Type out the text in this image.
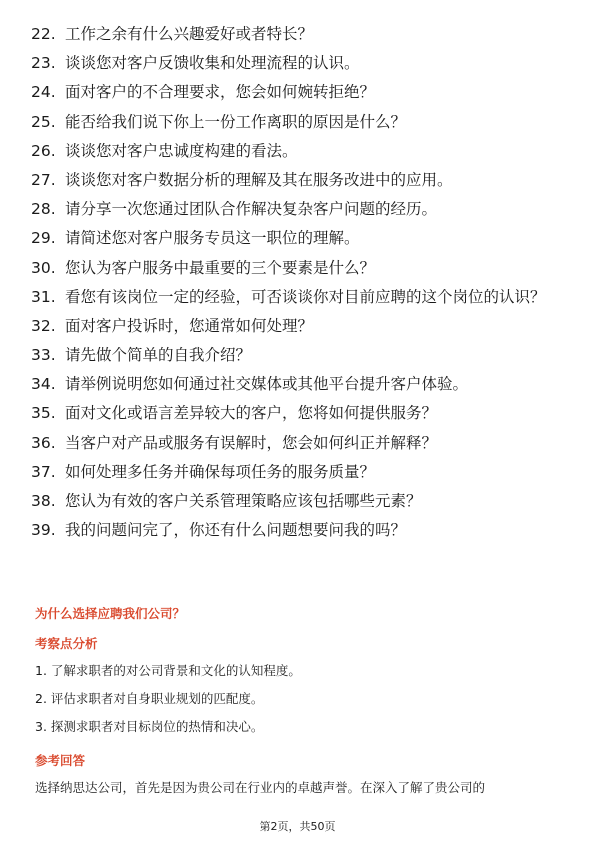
22. 工作之余有什么兴趣爱好或者特长？
23. 谈谈您对客户反馈收集和处理流程的认识。
24. 面对客户的不合理要求，您会如何婉转拒绝？
25. 能否给我们说下你上一份工作离职的原因是什么？
26. 谈谈您对客户忠诚度构建的看法。
27. 谈谈您对客户数据分析的理解及其在服务改进中的应用。
28. 请分享一次您通过团队合作解决复杂客户问题的经历。
29. 请简述您对客户服务专员这一职位的理解。
30. 您认为客户服务中最重要的三个要素是什么？
31. 看您有该岗位一定的经验，可否谈谈你对目前应聘的这个岗位的认识？
32. 面对客户投诉时，您通常如何处理？
33. 请先做个简单的自我介绍？
34. 请举例说明您如何通过社交媒体或其他平台提升客户体验。
35. 面对文化或语言差异较大的客户，您将如何提供服务？
36. 当客户对产品或服务有误解时，您会如何纠正并解释？
37. 如何处理多任务并确保每项任务的服务质量？
38. 您认为有效的客户关系管理策略应该包括哪些元素？
39. 我的问题问完了，你还有什么问题想要问我的吗？
为什么选择应聘我们公司？
考察点分析
1. 了解求职者的对公司背景和文化的认知程度。
2. 评估求职者对自身职业规划的匹配度。
3. 探测求职者对目标岗位的热情和决心。
参考回答
选择纳思达公司，首先是因为贵公司在行业内的卓越声誉。在深入了解了贵公司的
第2页，共50页
